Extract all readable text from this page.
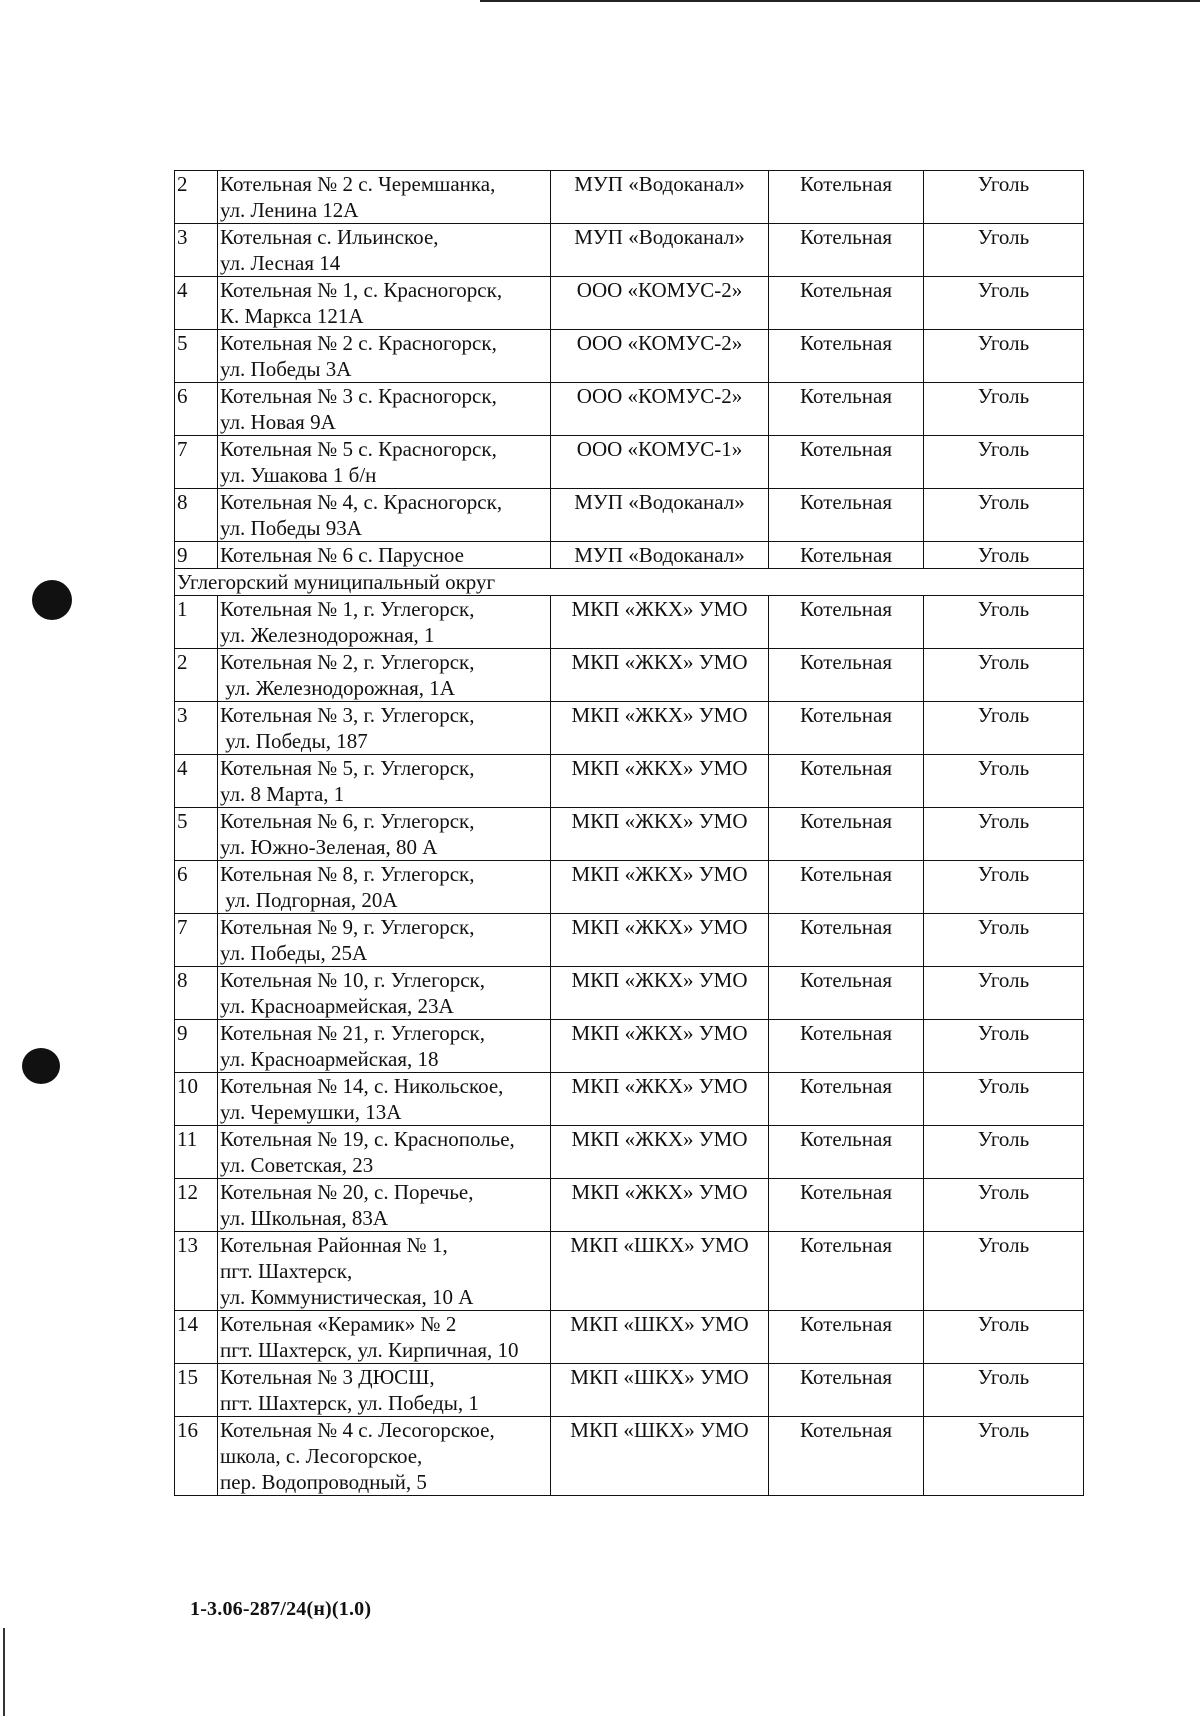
2	Котельная № 2 с. Черемшанка,
ул. Ленина 12А	МУП «Водоканал»	Котельная	Уголь
3	Котельная с. Ильинское,
ул. Лесная 14	МУП «Водоканал»	Котельная	Уголь
4	Котельная № 1, с. Красногорск,
К. Маркса 121А	ООО «КОМУС-2»	Котельная	Уголь
5	Котельная № 2 с. Красногорск,
ул. Победы 3А	ООО «КОМУС-2»	Котельная	Уголь
6	Котельная № 3 с. Красногорск,
ул. Новая 9А	ООО «КОМУС-2»	Котельная	Уголь
7	Котельная № 5 с. Красногорск,
ул. Ушакова 1 б/н	ООО «КОМУС-1»	Котельная	Уголь
8	Котельная № 4, с. Красногорск,
ул. Победы 93А	МУП «Водоканал»	Котельная	Уголь
9	Котельная № 6 с. Парусное	МУП «Водоканал»	Котельная	Уголь
Углегорский муниципальный округ				
1	Котельная № 1, г. Углегорск,
ул. Железнодорожная, 1	МКП «ЖКХ» УМО	Котельная	Уголь
2	Котельная № 2, г. Углегорск,
ул. Железнодорожная, 1А	МКП «ЖКХ» УМО	Котельная	Уголь
3	Котельная № 3, г. Углегорск,
ул. Победы, 187	МКП «ЖКХ» УМО	Котельная	Уголь
4	Котельная № 5, г. Углегорск,
ул. 8 Марта, 1	МКП «ЖКХ» УМО	Котельная	Уголь
5	Котельная № 6, г. Углегорск,
ул. Южно-Зеленая, 80 А	МКП «ЖКХ» УМО	Котельная	Уголь
6	Котельная № 8, г. Углегорск,
ул. Подгорная, 20А	МКП «ЖКХ» УМО	Котельная	Уголь
7	Котельная № 9, г. Углегорск,
ул. Победы, 25А	МКП «ЖКХ» УМО	Котельная	Уголь
8	Котельная № 10, г. Углегорск,
ул. Красноармейская, 23А	МКП «ЖКХ» УМО	Котельная	Уголь
9	Котельная № 21, г. Углегорск,
ул. Красноармейская, 18	МКП «ЖКХ» УМО	Котельная	Уголь
10	Котельная № 14, с. Никольское,
ул. Черемушки, 13А	МКП «ЖКХ» УМО	Котельная	Уголь
11	Котельная № 19, с. Краснополье,
ул. Советская, 23	МКП «ЖКХ» УМО	Котельная	Уголь
12	Котельная № 20, с. Поречье,
ул. Школьная, 83А	МКП «ЖКХ» УМО	Котельная	Уголь
13	Котельная Районная № 1,
пгт. Шахтерск,
ул. Коммунистическая, 10 А	МКП «ШКХ» УМО	Котельная	Уголь
14	Котельная «Керамик» № 2
пгт. Шахтерск, ул. Кирпичная, 10	МКП «ШКХ» УМО	Котельная	Уголь
15	Котельная № 3 ДЮСШ,
пгт. Шахтерск, ул. Победы, 1	МКП «ШКХ» УМО	Котельная	Уголь
16	Котельная № 4 с. Лесогорское,
школа, с. Лесогорское,
пер. Водопроводный, 5	МКП «ШКХ» УМО	Котельная	Уголь
1-3.06-287/24(н)(1.0)
